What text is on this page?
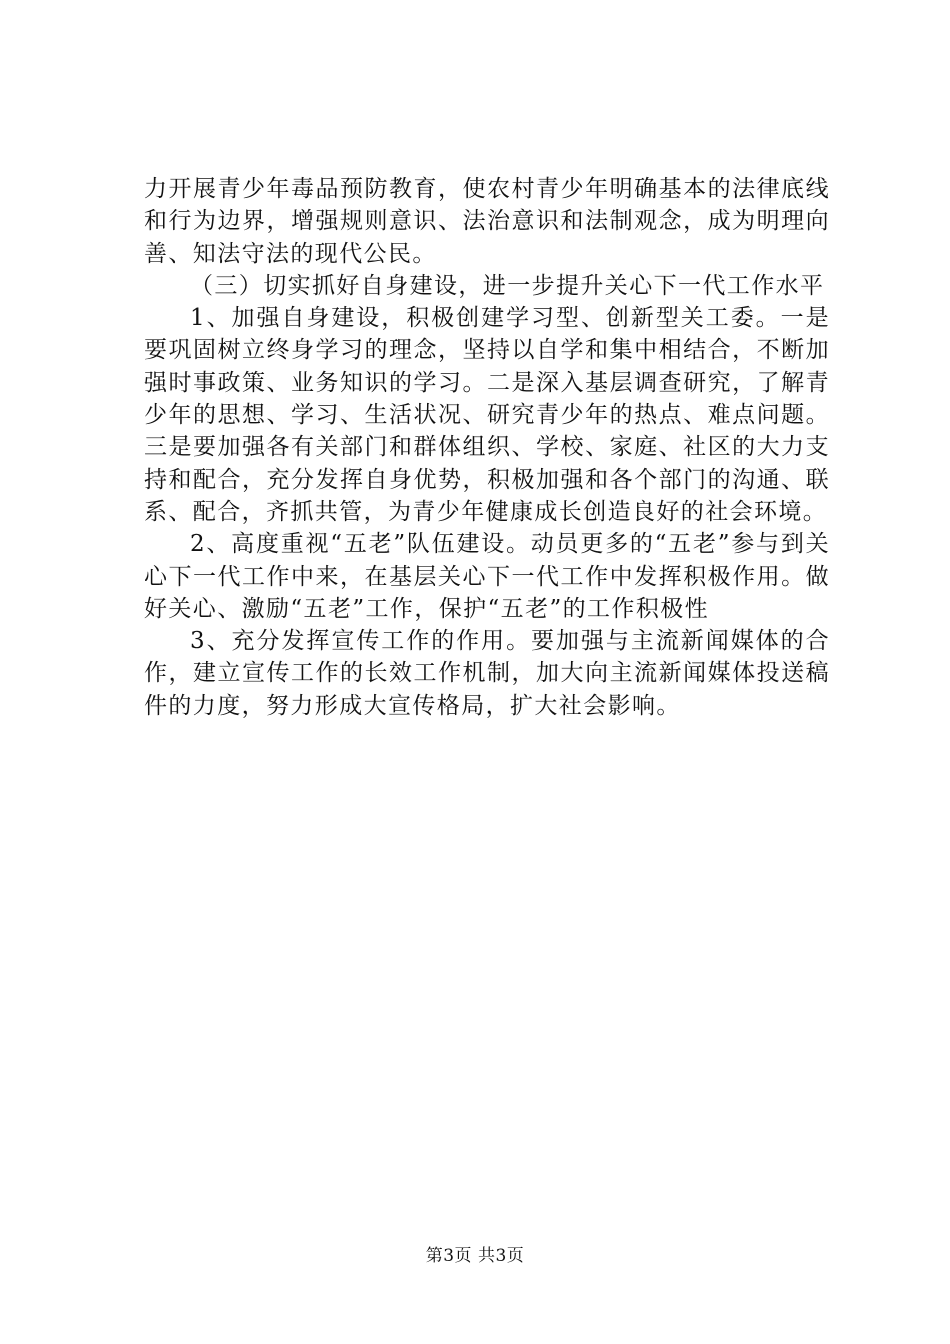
力开展青少年毒品预防教育，使农村青少年明确基本的法律底线和行为边界，增强规则意识、法治意识和法制观念，成为明理向善、知法守法的现代公民。

（三）切实抓好自身建设，进一步提升关心下一代工作水平

1、加强自身建设，积极创建学习型、创新型关工委。一是要巩固树立终身学习的理念，坚持以自学和集中相结合，不断加强时事政策、业务知识的学习。二是深入基层调查研究，了解青少年的思想、学习、生活状况、研究青少年的热点、难点问题。三是要加强各有关部门和群体组织、学校、家庭、社区的大力支持和配合，充分发挥自身优势，积极加强和各个部门的沟通、联系、配合，齐抓共管，为青少年健康成长创造良好的社会环境。

2、高度重视“五老”队伍建设。动员更多的“五老”参与到关心下一代工作中来，在基层关心下一代工作中发挥积极作用。做好关心、激励“五老”工作，保护“五老”的工作积极性

3、充分发挥宣传工作的作用。要加强与主流新闻媒体的合作，建立宣传工作的长效工作机制，加大向主流新闻媒体投送稿件的力度，努力形成大宣传格局，扩大社会影响。

第3页 共3页
